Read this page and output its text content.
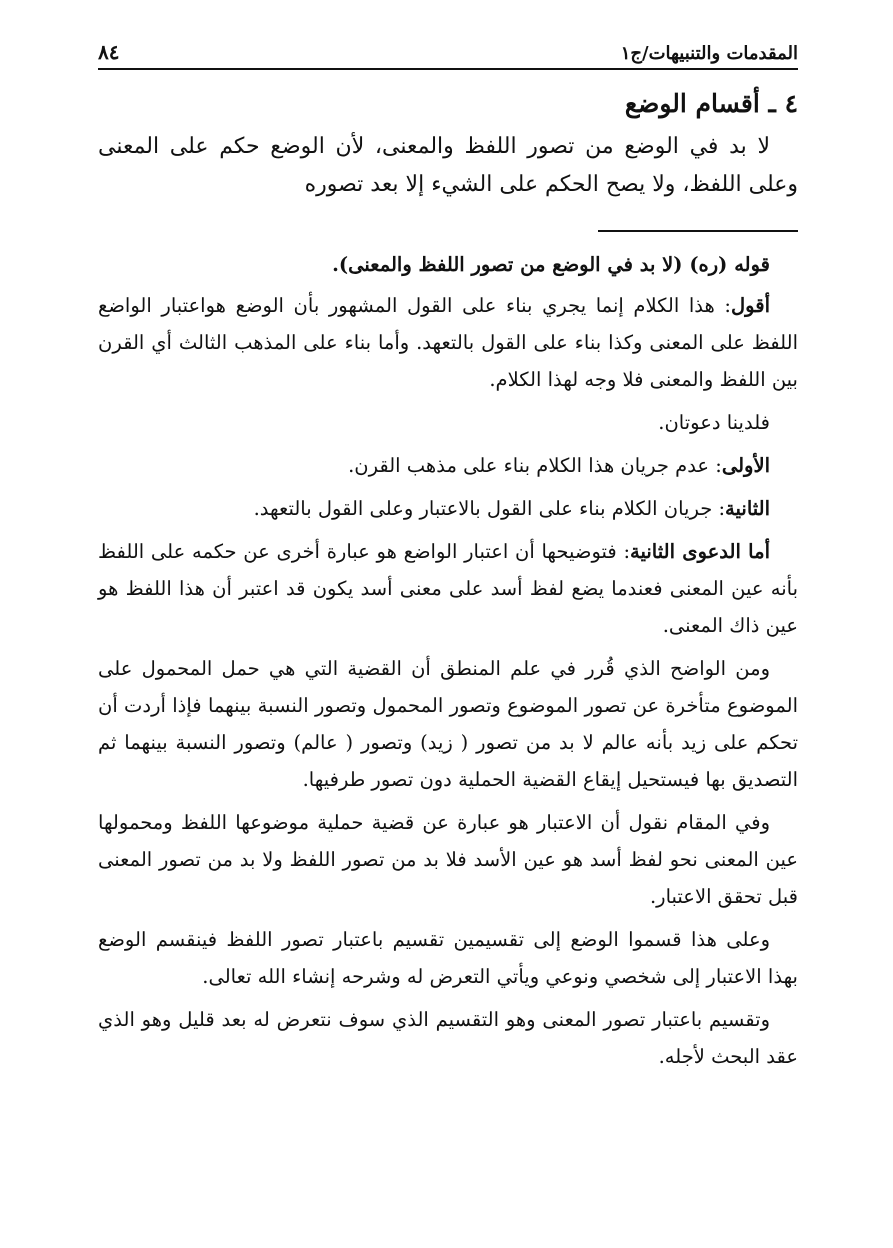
المقدمات والتنبيهات/ج١
٨٤
٤ ـ أقسام الوضع

لا بد في الوضع من تصور اللفظ والمعنى، لأن الوضع حكم على المعنى وعلى اللفظ، ولا يصح الحكم على الشيء إلا بعد تصوره

قوله (ره) (لا بد في الوضع من تصور اللفظ والمعنى).

أقول: هذا الكلام إنما يجري بناء على القول المشهور بأن الوضع هواعتبار الواضع اللفظ على المعنى وكذا بناء على القول بالتعهد. وأما بناء على المذهب الثالث أي القرن بين اللفظ والمعنى فلا وجه لهذا الكلام.

فلدينا دعوتان.

الأولى: عدم جريان هذا الكلام بناء على مذهب القرن.

الثانية: جريان الكلام بناء على القول بالاعتبار وعلى القول بالتعهد.

أما الدعوى الثانية: فتوضيحها أن اعتبار الواضع هو عبارة أخرى عن حكمه على اللفظ بأنه عين المعنى فعندما يضع لفظ أسد على معنى أسد يكون قد اعتبر أن هذا اللفظ هو عين ذاك المعنى.

ومن الواضح الذي قُرر في علم المنطق أن القضية التي هي حمل المحمول على الموضوع متأخرة عن تصور الموضوع وتصور المحمول وتصور النسبة بينهما فإذا أردت أن تحكم على زيد بأنه عالم لا بد من تصور ( زيد) وتصور ( عالم) وتصور النسبة بينهما ثم التصديق بها فيستحيل إيقاع القضية الحملية دون تصور طرفيها.

وفي المقام نقول أن الاعتبار هو عبارة عن قضية حملية موضوعها اللفظ ومحمولها عين المعنى نحو لفظ أسد هو عين الأسد فلا بد من تصور اللفظ ولا بد من تصور المعنى قبل تحقق الاعتبار.

وعلى هذا قسموا الوضع إلى تقسيمين تقسيم باعتبار تصور اللفظ فينقسم الوضع بهذا الاعتبار إلى شخصي ونوعي ويأتي التعرض له وشرحه إنشاء الله تعالى.

وتقسيم باعتبار تصور المعنى وهو التقسيم الذي سوف نتعرض له بعد قليل وهو الذي عقد البحث لأجله.
